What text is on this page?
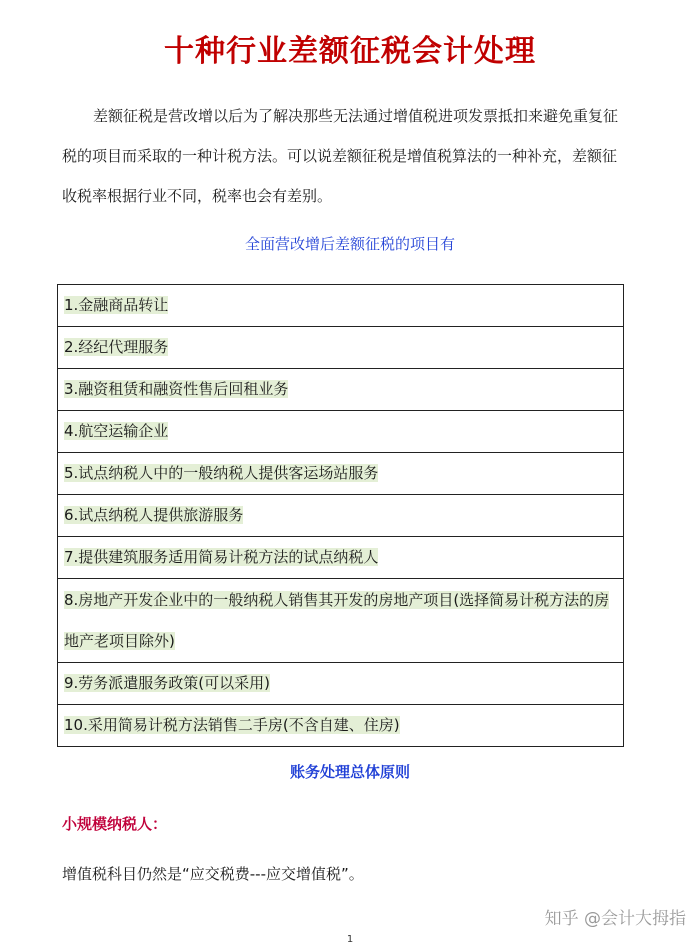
十种行业差额征税会计处理

差额征税是营改增以后为了解决那些无法通过增值税进项发票抵扣来避免重复征税的项目而采取的一种计税方法。可以说差额征税是增值税算法的一种补充，差额征收税率根据行业不同，税率也会有差别。

全面营改增后差额征税的项目有
1.金融商品转让
2.经纪代理服务
3.融资租赁和融资性售后回租业务
4.航空运输企业
5.试点纳税人中的一般纳税人提供客运场站服务
6.试点纳税人提供旅游服务
7.提供建筑服务适用简易计税方法的试点纳税人
8.房地产开发企业中的一般纳税人销售其开发的房地产项目(选择简易计税方法的房地产老项目除外)
9.劳务派遣服务政策(可以采用)
10.采用简易计税方法销售二手房(不含自建、住房)
账务处理总体原则
小规模纳税人：
增值税科目仍然是“应交税费---应交增值税”。
知乎 @会计大拇指
1
